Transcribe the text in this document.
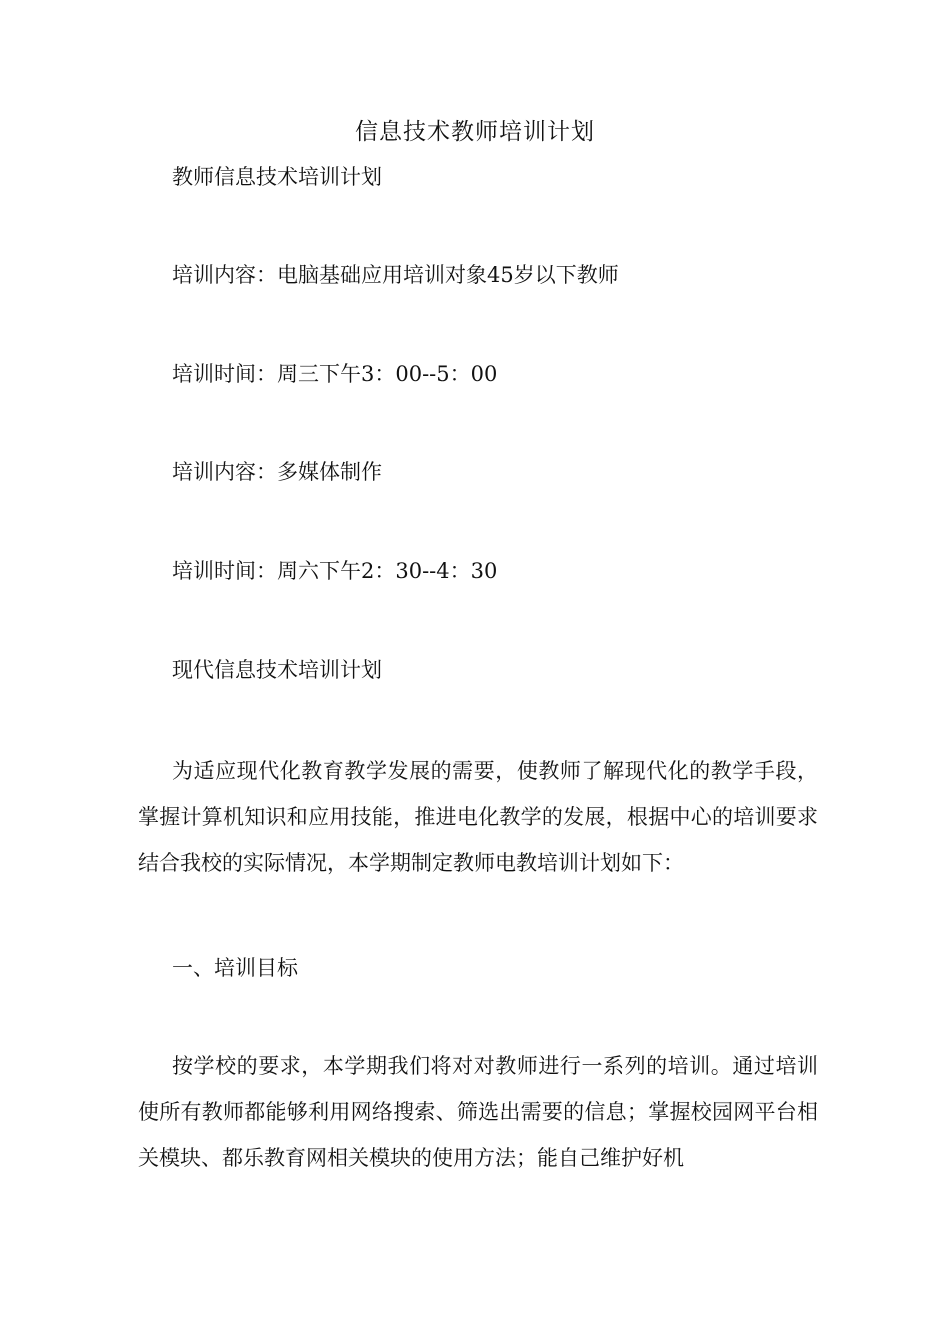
信息技术教师培训计划
教师信息技术培训计划
培训内容：电脑基础应用培训对象45岁以下教师
培训时间：周三下午3：00--5：00
培训内容：多媒体制作
培训时间：周六下午2：30--4：30
现代信息技术培训计划

为适应现代化教育教学发展的需要，使教师了解现代化的教学手段，掌握计算机知识和应用技能，推进电化教学的发展，根据中心的培训要求结合我校的实际情况，本学期制定教师电教培训计划如下：

一、培训目标

按学校的要求，本学期我们将对对教师进行一系列的培训。通过培训使所有教师都能够利用网络搜索、筛选出需要的信息；掌握校园网平台相关模块、都乐教育网相关模块的使用方法；能自己维护好机
